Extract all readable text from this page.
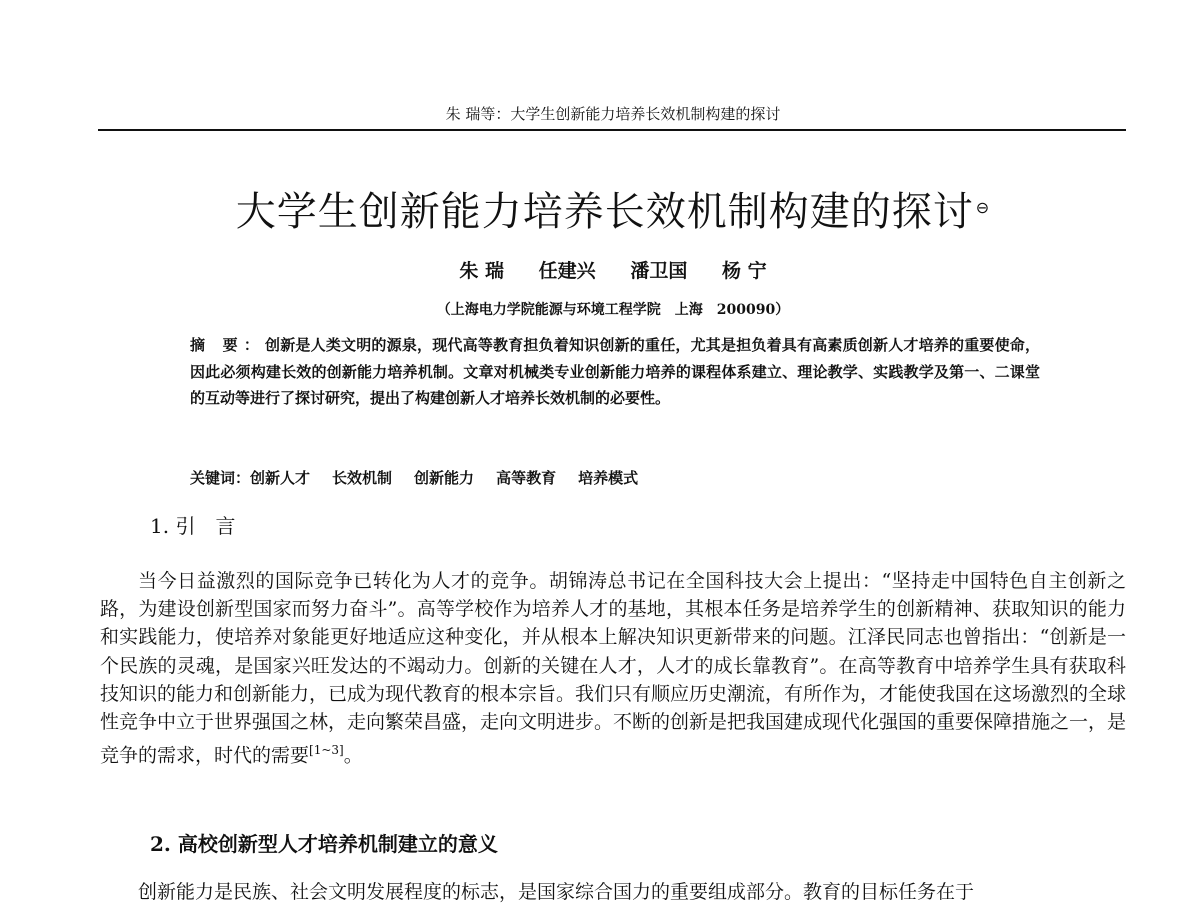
朱 瑞等：大学生创新能力培养长效机制构建的探讨
大学生创新能力培养长效机制构建的探讨 ⊖
朱 瑞 任建兴 潘卫国 杨 宁
（上海电力学院能源与环境工程学院　上海　200090）
摘 要：创新是人类文明的源泉，现代高等教育担负着知识创新的重任，尤其是担负着具有高素质创新人才培养的重要使命，因此必须构建长效的创新能力培养机制。文章对机械类专业创新能力培养的课程体系建立、理论教学、实践教学及第一、二课堂的互动等进行了探讨研究，提出了构建创新人才培养长效机制的必要性。
关键词：创新人才 长效机制 创新能力 高等教育 培养模式
1. 引　言
当今日益激烈的国际竞争已转化为人才的竞争。胡锦涛总书记在全国科技大会上提出：“坚持走中国特色自主创新之路，为建设创新型国家而努力奋斗”。高等学校作为培养人才的基地，其根本任务是培养学生的创新精神、获取知识的能力和实践能力，使培养对象能更好地适应这种变化，并从根本上解决知识更新带来的问题。江泽民同志也曾指出：“创新是一个民族的灵魂，是国家兴旺发达的不竭动力。创新的关键在人才，人才的成长靠教育”。在高等教育中培养学生具有获取科技知识的能力和创新能力，已成为现代教育的根本宗旨。我们只有顺应历史潮流，有所作为，才能使我国在这场激烈的全球性竞争中立于世界强国之林，走向繁荣昌盛，走向文明进步。不断的创新是把我国建成现代化强国的重要保障措施之一，是竞争的需求，时代的需要[1~3]。
2. 高校创新型人才培养机制建立的意义
创新能力是民族、社会文明发展程度的标志，是国家综合国力的重要组成部分。教育的目标任务在于
